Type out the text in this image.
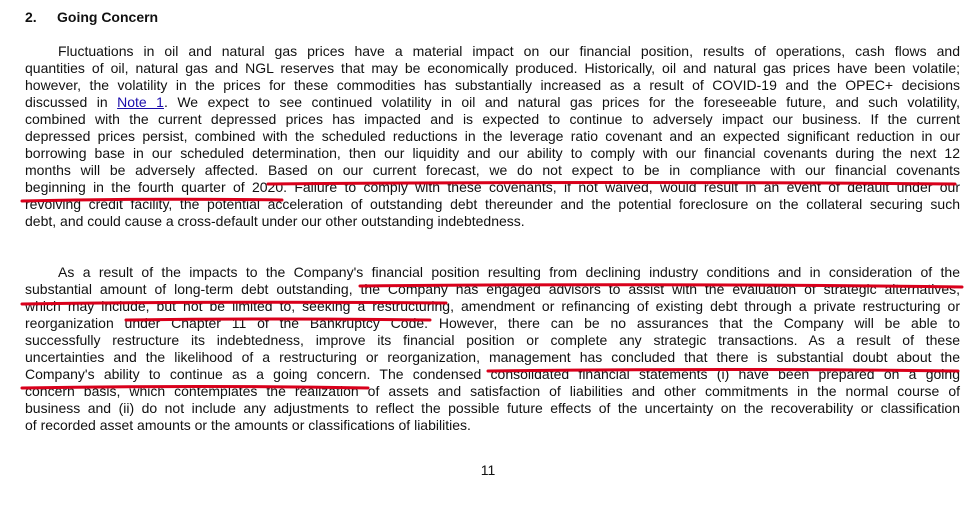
2. Going Concern
Fluctuations in oil and natural gas prices have a material impact on our financial position, results of operations, cash flows and
quantities of oil, natural gas and NGL reserves that may be economically produced. Historically, oil and natural gas prices have been volatile;
however, the volatility in the prices for these commodities has substantially increased as a result of COVID-19 and the OPEC+ decisions
discussed in Note 1. We expect to see continued volatility in oil and natural gas prices for the foreseeable future, and such volatility,
combined with the current depressed prices has impacted and is expected to continue to adversely impact our business. If the current
depressed prices persist, combined with the scheduled reductions in the leverage ratio covenant and an expected significant reduction in our
borrowing base in our scheduled determination, then our liquidity and our ability to comply with our financial covenants during the next 12
months will be adversely affected. Based on our current forecast, we do not expect to be in compliance with our financial covenants
beginning in the fourth quarter of 2020. Failure to comply with these covenants, if not waived, would result in an event of default under our
revolving credit facility, the potential acceleration of outstanding debt thereunder and the potential foreclosure on the collateral securing such
debt, and could cause a cross-default under our other outstanding indebtedness.
As a result of the impacts to the Company's financial position resulting from declining industry conditions and in consideration of the
substantial amount of long-term debt outstanding, the Company has engaged advisors to assist with the evaluation of strategic alternatives,
which may include, but not be limited to, seeking a restructuring, amendment or refinancing of existing debt through a private restructuring or
reorganization under Chapter 11 of the Bankruptcy Code. However, there can be no assurances that the Company will be able to
successfully restructure its indebtedness, improve its financial position or complete any strategic transactions. As a result of these
uncertainties and the likelihood of a restructuring or reorganization, management has concluded that there is substantial doubt about the
Company's ability to continue as a going concern. The condensed consolidated financial statements (i) have been prepared on a going
concern basis, which contemplates the realization of assets and satisfaction of liabilities and other commitments in the normal course of
business and (ii) do not include any adjustments to reflect the possible future effects of the uncertainty on the recoverability or classification
of recorded asset amounts or the amounts or classifications of liabilities.
11
